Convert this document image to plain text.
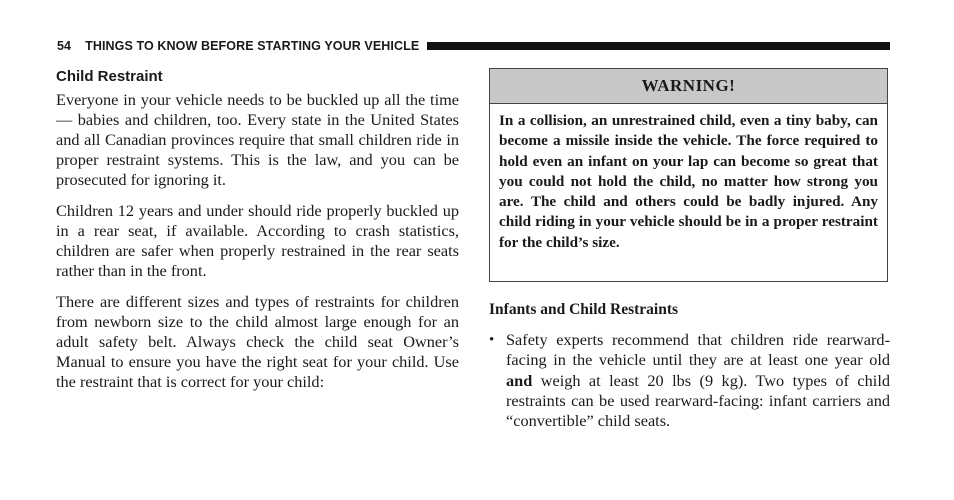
54 THINGS TO KNOW BEFORE STARTING YOUR VEHICLE
Child Restraint

Everyone in your vehicle needs to be buckled up all the time — babies and children, too. Every state in the United States and all Canadian provinces require that small children ride in proper restraint systems. This is the law, and you can be prosecuted for ignoring it.

Children 12 years and under should ride properly buckled up in a rear seat, if available. According to crash statistics, children are safer when properly restrained in the rear seats rather than in the front.

There are different sizes and types of restraints for children from newborn size to the child almost large enough for an adult safety belt. Always check the child seat Owner’s Manual to ensure you have the right seat for your child. Use the restraint that is correct for your child:

WARNING!
In a collision, an unrestrained child, even a tiny baby, can become a missile inside the vehicle. The force required to hold even an infant on your lap can become so great that you could not hold the child, no matter how strong you are. The child and others could be badly injured. Any child riding in your vehicle should be in a proper restraint for the child’s size.
Infants and Child Restraints
• Safety experts recommend that children ride rearward-facing in the vehicle until they are at least one year old and weigh at least 20 lbs (9 kg). Two types of child restraints can be used rearward-facing: infant carriers and “convertible” child seats.
